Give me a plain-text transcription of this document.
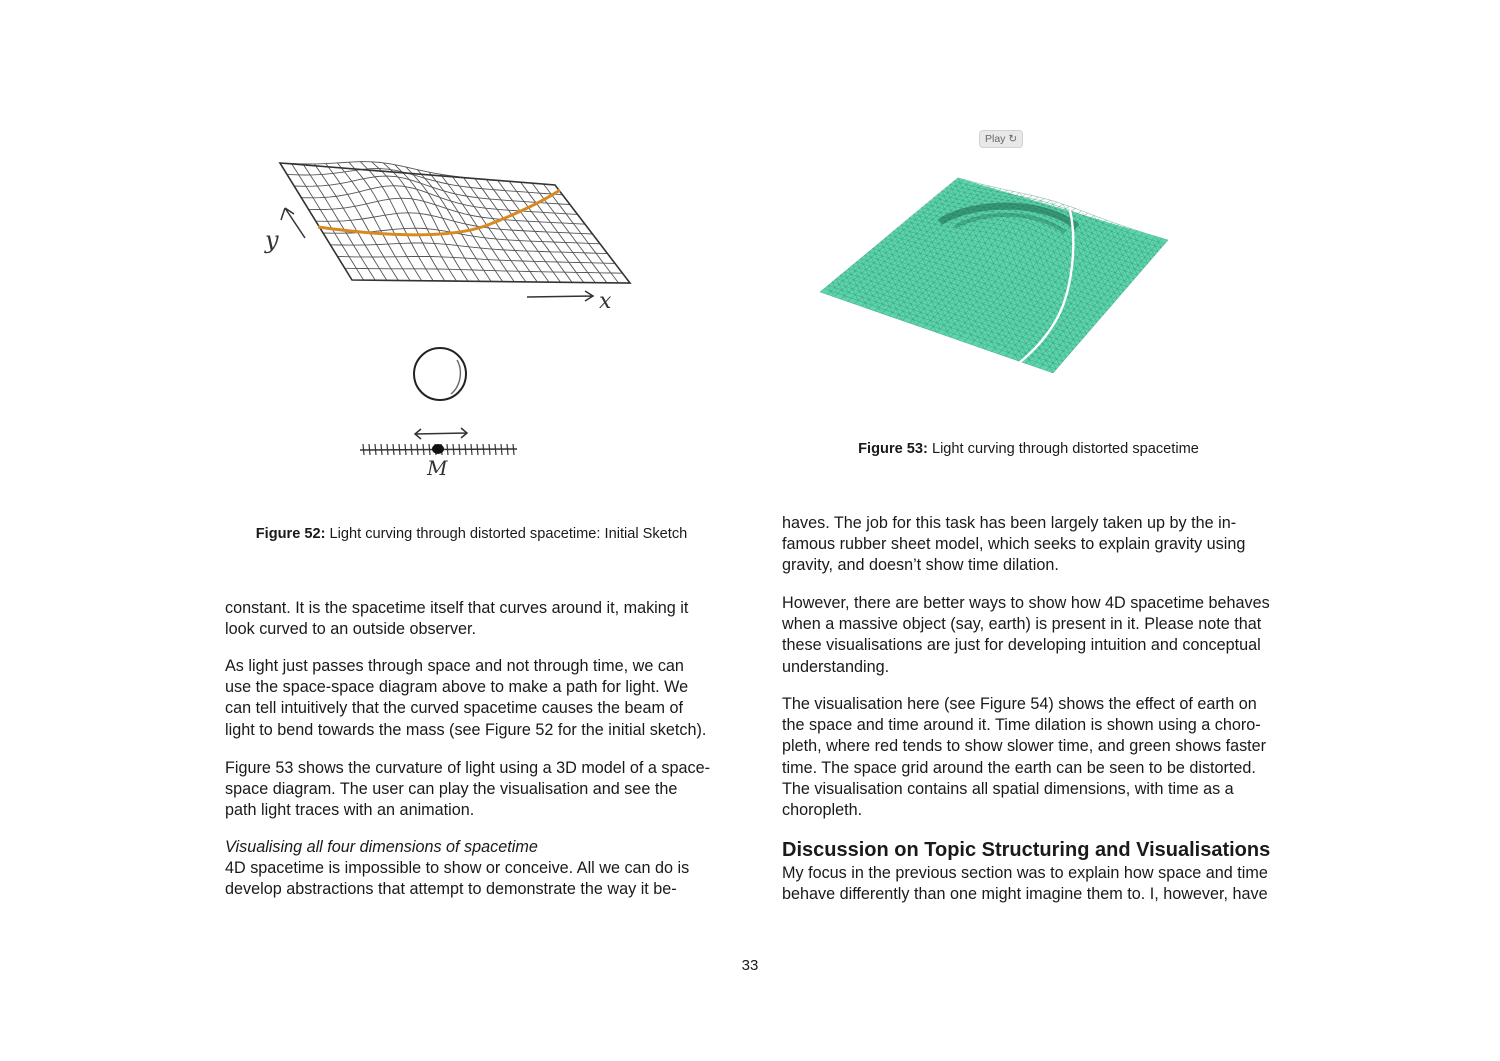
y
x
M
Figure 52: Light curving through distorted spacetime: Initial Sketch
Play ↻
Figure 53: Light curving through distorted spacetime
constant. It is the spacetime itself that curves around it, making it
look curved to an outside observer.
As light just passes through space and not through time, we can
use the space-space diagram above to make a path for light. We
can tell intuitively that the curved spacetime causes the beam of
light to bend towards the mass (see Figure 52 for the initial sketch).
Figure 53 shows the curvature of light using a 3D model of a space-
space diagram. The user can play the visualisation and see the
path light traces with an animation.
Visualising all four dimensions of spacetime
4D spacetime is impossible to show or conceive. All we can do is
develop abstractions that attempt to demonstrate the way it be-
haves. The job for this task has been largely taken up by the in-
famous rubber sheet model, which seeks to explain gravity using
gravity, and doesn’t show time dilation.
However, there are better ways to show how 4D spacetime behaves
when a massive object (say, earth) is present in it. Please note that
these visualisations are just for developing intuition and conceptual
understanding.
The visualisation here (see Figure 54) shows the effect of earth on
the space and time around it. Time dilation is shown using a choro-
pleth, where red tends to show slower time, and green shows faster
time. The space grid around the earth can be seen to be distorted.
The visualisation contains all spatial dimensions, with time as a
choropleth.
Discussion on Topic Structuring and Visualisations
My focus in the previous section was to explain how space and time
behave differently than one might imagine them to. I, however, have
33
